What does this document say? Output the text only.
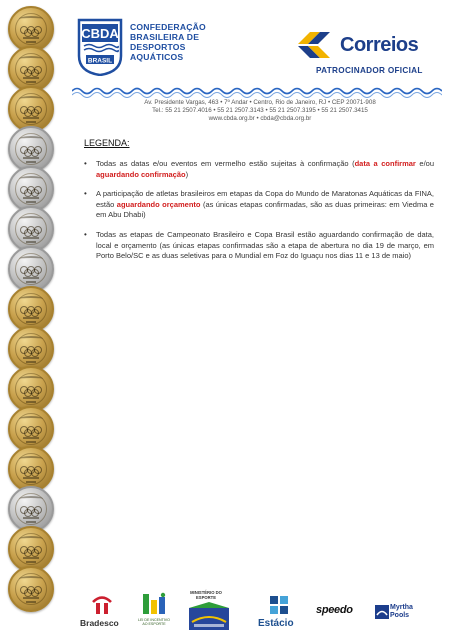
CBDA
BRASIL
CONFEDERAÇÃO
BRASILEIRA DE
DESPORTOS
AQUÁTICOS
Correios
PATROCINADOR OFICIAL
Av. Presidente Vargas, 463 • 7º Andar • Centro, Rio de Janeiro, RJ • CEP 20071-908
Tel.: 55 21 2507.4016 • 55 21 2507.3143 • 55 21 2507.3195 • 55 21 2507.3415
www.cbda.org.br • cbda@cbda.org.br
LEGENDA:
• Todas as datas e/ou eventos em vermelho estão sujeitas à confirmação (data a confirmar e/ou aguardando confirmação)
• A participação de atletas brasileiros em etapas da Copa do Mundo de Maratonas Aquáticas da FINA, estão aguardando orçamento (as únicas etapas confirmadas, são as duas primeiras: em Viedma e em Abu Dhabi)
• Todas as etapas de Campeonato Brasileiro e Copa Brasil estão aguardando confirmação de data, local e orçamento (as únicas etapas confirmadas são a etapa de abertura no dia 19 de março, em Porto Belo/SC e as duas seletivas para o Mundial em Foz do Iguaçu nos dias 11 e 13 de maio)
Bradesco	LEI DE INCENTIVO
AO ESPORTE
MINISTÉRIO DO
ESPORTE
Estácio
speedo	Myrtha
Pools
